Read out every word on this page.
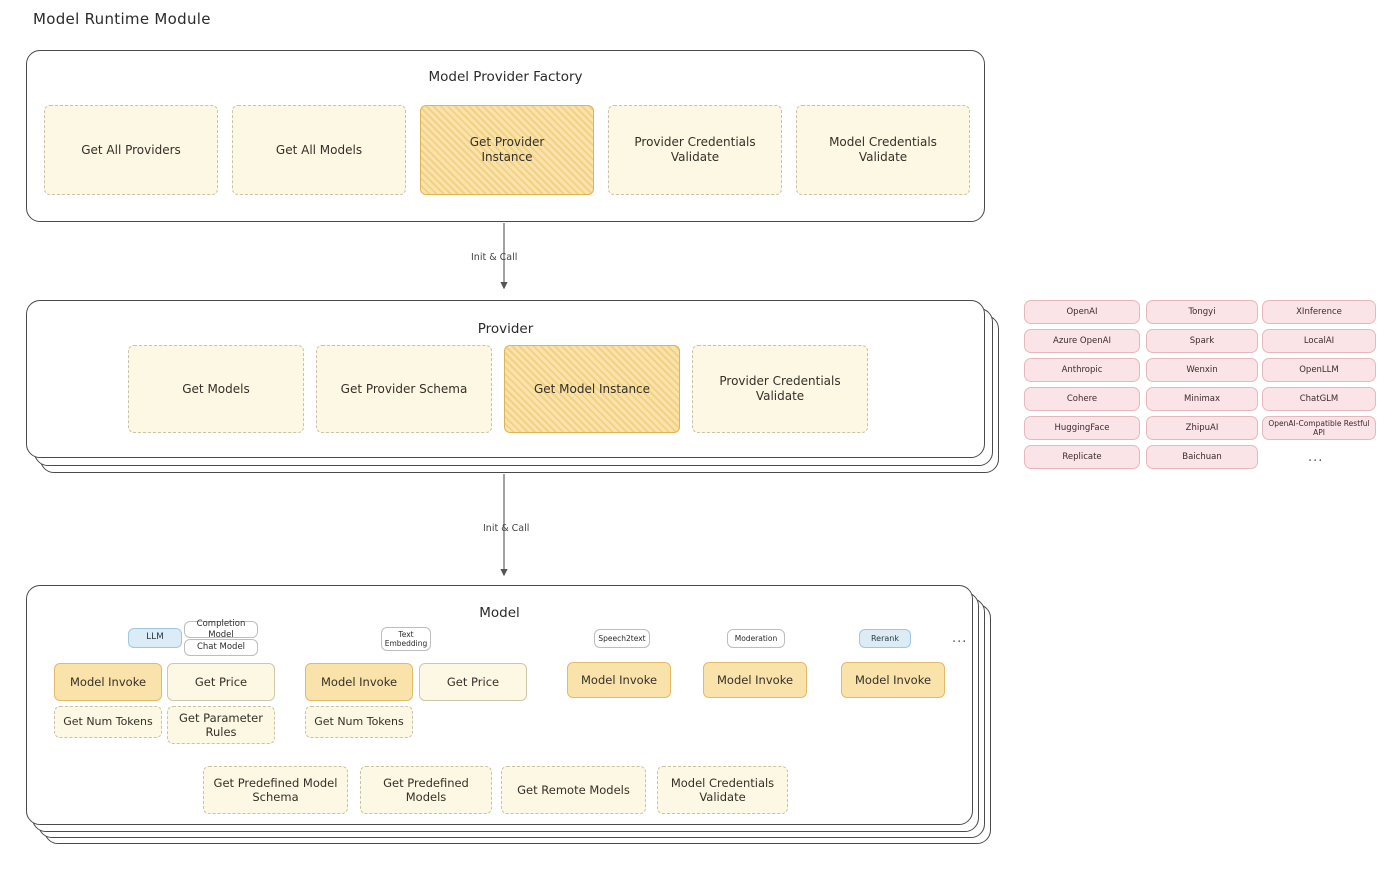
Model Runtime Module
Model Provider Factory
Get All Providers	Get All Models
Get Provider Instance
Provider Credentials Validate
Model Credentials Validate
Provider
Get Models	Get Provider Schema	Get Model Instance
Provider Credentials Validate
OpenAI
Azure OpenAI
Anthropic
Cohere
HuggingFace
Replicate
Tongyi
Spark
Wenxin
Minimax
ZhipuAI
Baichuan
XInference
LocalAI
OpenLLM
ChatGLM
OpenAI-Compatible Restful API
...
Model
LLM
Completion Model
Chat Model
Model Invoke	Get Price
Get Num Tokens	Get Parameter Rules
Text Embedding
Model Invoke	Get Price
Get Num Tokens
Speech2text
Model Invoke
Moderation
Model Invoke
Rerank
Model Invoke
...
Get Predefined Model Schema
Get Predefined Models
Get Remote Models
Model Credentials Validate
Init & Call
Init & Call
